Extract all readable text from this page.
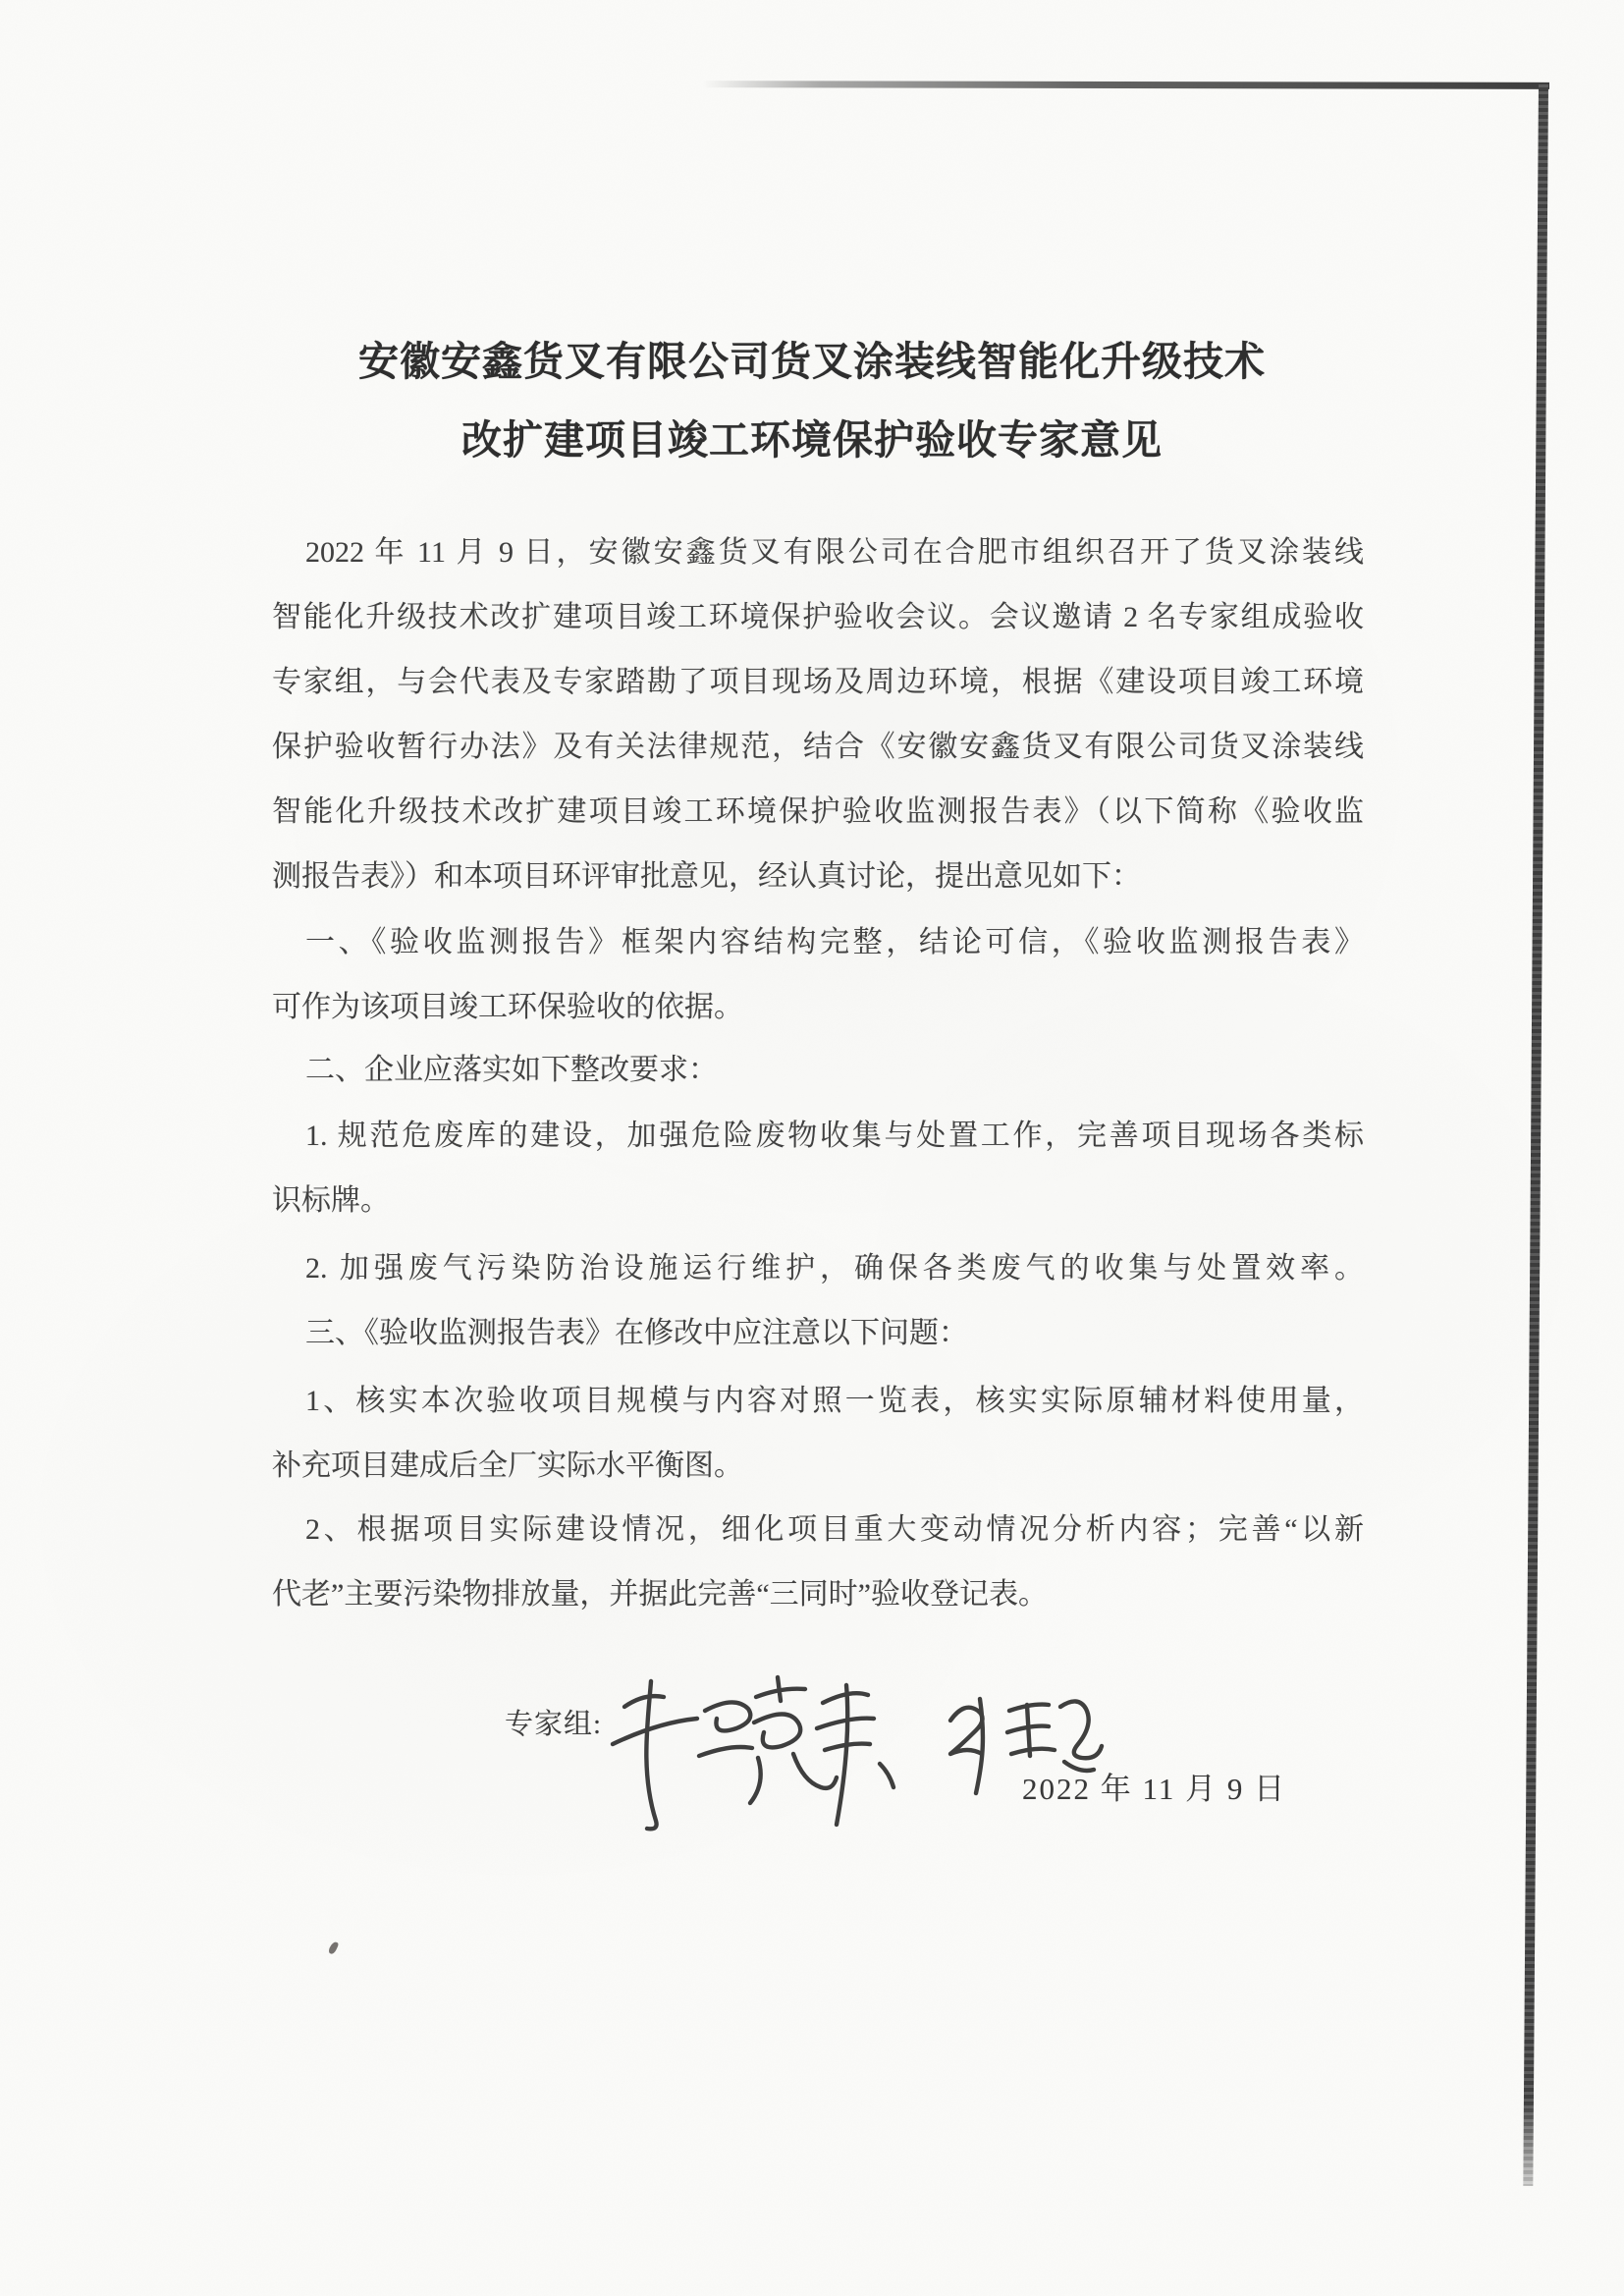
安徽安鑫货叉有限公司货叉涂装线智能化升级技术
改扩建项目竣工环境保护验收专家意见
2022 年 11 月 9 日，安徽安鑫货叉有限公司在合肥市组织召开了货叉涂装线
智能化升级技术改扩建项目竣工环境保护验收会议。会议邀请 2 名专家组成验收
专家组，与会代表及专家踏勘了项目现场及周边环境，根据《建设项目竣工环境
保护验收暂行办法》及有关法律规范，结合《安徽安鑫货叉有限公司货叉涂装线
智能化升级技术改扩建项目竣工环境保护验收监测报告表》（以下简称《验收监
测报告表》）和本项目环评审批意见，经认真讨论，提出意见如下：
一、《验收监测报告》框架内容结构完整，结论可信，《验收监测报告表》
可作为该项目竣工环保验收的依据。
二、企业应落实如下整改要求：
1. 规范危废库的建设，加强危险废物收集与处置工作，完善项目现场各类标
识标牌。
2. 加强废气污染防治设施运行维护，确保各类废气的收集与处置效率。
三、《验收监测报告表》在修改中应注意以下问题：
1、核实本次验收项目规模与内容对照一览表，核实实际原辅材料使用量，
补充项目建成后全厂实际水平衡图。
2、根据项目实际建设情况，细化项目重大变动情况分析内容；完善“以新
代老”主要污染物排放量，并据此完善“三同时”验收登记表。
专家组:
2022 年 11 月 9 日
